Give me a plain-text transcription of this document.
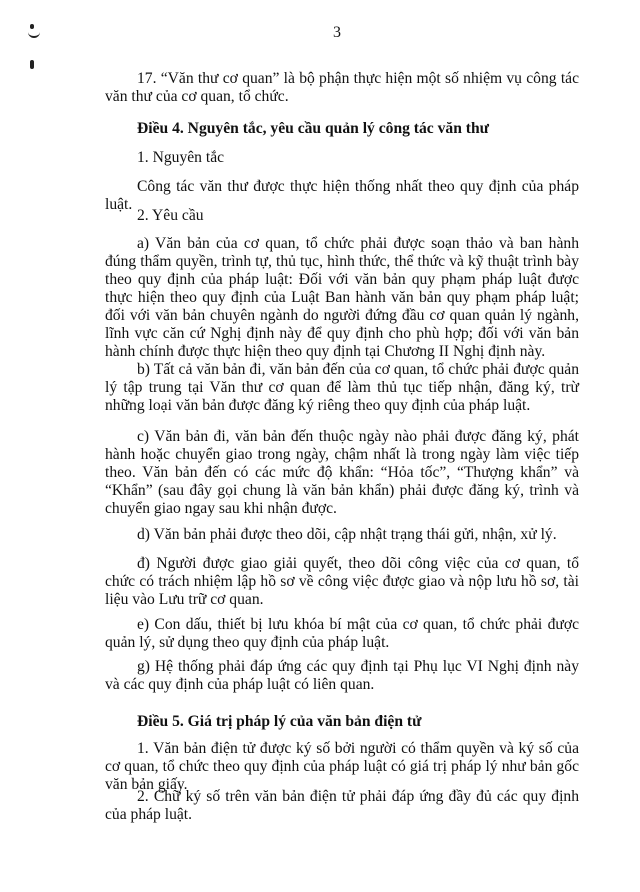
3

17. “Văn thư cơ quan” là bộ phận thực hiện một số nhiệm vụ công tác văn thư của cơ quan, tổ chức.

Điều 4. Nguyên tắc, yêu cầu quản lý công tác văn thư

1. Nguyên tắc

Công tác văn thư được thực hiện thống nhất theo quy định của pháp luật.

2. Yêu cầu

a) Văn bản của cơ quan, tổ chức phải được soạn thảo và ban hành đúng thẩm quyền, trình tự, thủ tục, hình thức, thể thức và kỹ thuật trình bày theo quy định của pháp luật: Đối với văn bản quy phạm pháp luật được thực hiện theo quy định của Luật Ban hành văn bản quy phạm pháp luật; đối với văn bản chuyên ngành do người đứng đầu cơ quan quản lý ngành, lĩnh vực căn cứ Nghị định này để quy định cho phù hợp; đối với văn bản hành chính được thực hiện theo quy định tại Chương II Nghị định này.

b) Tất cả văn bản đi, văn bản đến của cơ quan, tổ chức phải được quản lý tập trung tại Văn thư cơ quan để làm thủ tục tiếp nhận, đăng ký, trừ những loại văn bản được đăng ký riêng theo quy định của pháp luật.

c) Văn bản đi, văn bản đến thuộc ngày nào phải được đăng ký, phát hành hoặc chuyển giao trong ngày, chậm nhất là trong ngày làm việc tiếp theo. Văn bản đến có các mức độ khẩn: “Hỏa tốc”, “Thượng khẩn” và “Khẩn” (sau đây gọi chung là văn bản khẩn) phải được đăng ký, trình và chuyển giao ngay sau khi nhận được.

d) Văn bản phải được theo dõi, cập nhật trạng thái gửi, nhận, xử lý.

đ) Người được giao giải quyết, theo dõi công việc của cơ quan, tổ chức có trách nhiệm lập hồ sơ về công việc được giao và nộp lưu hồ sơ, tài liệu vào Lưu trữ cơ quan.

e) Con dấu, thiết bị lưu khóa bí mật của cơ quan, tổ chức phải được quản lý, sử dụng theo quy định của pháp luật.

g) Hệ thống phải đáp ứng các quy định tại Phụ lục VI Nghị định này và các quy định của pháp luật có liên quan.

Điều 5. Giá trị pháp lý của văn bản điện tử

1. Văn bản điện tử được ký số bởi người có thẩm quyền và ký số của cơ quan, tổ chức theo quy định của pháp luật có giá trị pháp lý như bản gốc văn bản giấy.

2. Chữ ký số trên văn bản điện tử phải đáp ứng đầy đủ các quy định của pháp luật.
